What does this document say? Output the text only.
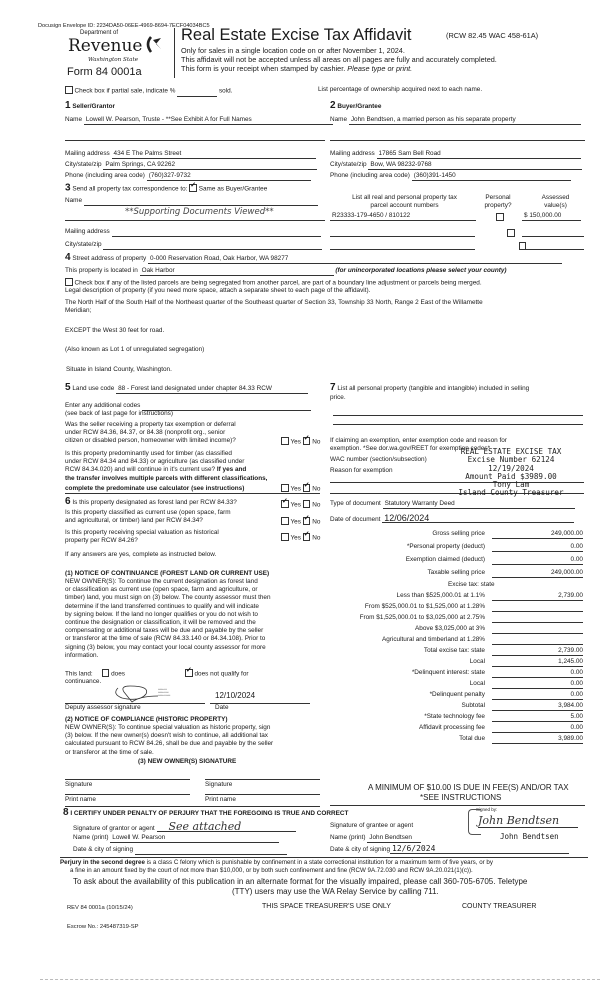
Docusign Envelope ID: 2234DA50-06EE-4969-8694-7ECF04034BC5
Department of
Revenue
Washington State
Form 84 0001a
Real Estate Excise Tax Affidavit	(RCW 82.45 WAC 458-61A)
Only for sales in a single location code on or after November 1, 2024.
This affidavit will not be accepted unless all areas on all pages are fully and accurately completed.
This form is your receipt when stamped by cashier. Please type or print.
Check box if partial sale, indicate %	sold.	List percentage of ownership acquired next to each name.
1 Seller/Grantor
Name Lowell W. Pearson, Truste - **See Exhibit A for Full Names
Mailing address 434 E The Palms Street
City/state/zip Palm Springs, CA 92262
Phone (including area code) (760)327-9732
2 Buyer/Grantee
Name John Bendtsen, a married person as his separate property
Mailing address 17865 Sam Bell Road
City/state/zip Bow, WA 98232-9768
Phone (including area code) (360)391-1450
3 Send all property tax correspondence to: ✓ Same as Buyer/Grantee
Name
**Supporting Documents Viewed**
Mailing address
City/state/zip
List all real and personal property tax
parcel account numbers
Personal
property?
Assessed
value(s)
R23333-179-4650 / 810122
	$ 150,000.00

4 Street address of property 0-000 Reservation Road, Oak Harbor, WA 98277
This property is located in Oak Harbor	(for unincorporated locations please select your county)
Check box if any of the listed parcels are being segregated from another parcel, are part of a boundary line adjustment or parcels being merged.
Legal description of property (if you need more space, attach a separate sheet to each page of the affidavit).
The North Half of the South Half of the Northeast quarter of the Southeast quarter of Section 33, Township 33 North, Range 2 East of the Willamette
Meridian;
EXCEPT the West 30 feet for road.
(Also known as Lot 1 of unregulated segregation)
Situate in Island County, Washington.
5 Land use code 88 - Forest land designated under chapter 84.33 RCW
Enter any additional codes
(see back of last page for instructions)
Was the seller receiving a property tax exemption or deferral
under RCW 84.36, 84.37, or 84.38 (nonprofit org., senior
citizen or disabled person, homeowner with limited income)?	Yes ✓ No
Is this property predominantly used for timber (as classified
under RCW 84.34 and 84.33) or agriculture (as classified under
RCW 84.34.020) and will continue in it's current use? If yes and
the transfer involves multiple parcels with different classifications,
complete the predominate use calculator (see instructions)	Yes ✓ No
7 List all personal property (tangible and intangible) included in selling
price.
If claiming an exemption, enter exemption code and reason for
exemption. *See dor.wa.gov/REET for exemption codes*
WAC number (section/subsection)
Reason for exemption
REAL ESTATE EXCISE TAX
Excise Number 62124
12/19/2024
Amount Paid $3989.00
Tony Lam
Island County Treasurer
6 Is this property designated as forest land per RCW 84.33? ✓	Yes No
Is this property classified as current use (open space, farm
and agricultural, or timber) land per RCW 84.34?	Yes ✓ No
Is this property receiving special valuation as historical
property per RCW 84.26?	Yes ✓ No
If any answers are yes, complete as instructed below.
Type of document Statutory Warranty Deed
Date of document 12/06/2024
Gross selling price	249,000.00
*Personal property (deduct)	0.00
Exemption claimed (deduct)	0.00
Taxable selling price	249,000.00
Excise tax: state
Less than $525,000.01 at 1.1%	2,739.00
From $525,000.01 to $1,525,000 at 1.28%
From $1,525,000.01 to $3,025,000 at 2.75%
Above $3,025,000 at 3%
Agricultural and timberland at 1.28%
Total excise tax: state	2,739.00
Local	1,245.00
*Delinquent interest: state	0.00
Local	0.00
*Delinquent penalty	0.00
Subtotal	3,984.00
*State technology fee	5.00
Affidavit processing fee	0.00
Total due	3,989.00
A MINIMUM OF $10.00 IS DUE IN FEE(S) AND/OR TAX
*SEE INSTRUCTIONS
(1) NOTICE OF CONTINUANCE (FOREST LAND OR CURRENT USE)
NEW OWNER(S): To continue the current designation as forest land
or classification as current use (open space, farm and agriculture, or
timber) land, you must sign on (3) below. The county assessor must then
determine if the land transferred continues to qualify and will indicate
by signing below. If the land no longer qualifies or you do not wish to
continue the designation or classification, it will be removed and the
compensating or additional taxes will be due and payable by the seller
or transferor at the time of sale (RCW 84.33.140 or 84.34.108). Prior to
signing (3) below, you may contact your local county assessor for more
information.
This land:	does ✓	does not qualify for
continuance.
▪▪▪▪▪▪▪▪▪▪
▪▪▪▪▪▪▪▪▪▪▪▪
▪▪▪▪▪▪▪▪▪▪▪▪▪▪	12/10/2024
Deputy assessor signature	Date
(2) NOTICE OF COMPLIANCE (HISTORIC PROPERTY)
NEW OWNER(S): To continue special valuation as historic property, sign
(3) below. If the new owner(s) doesn't wish to continue, all additional tax
calculated pursuant to RCW 84.26, shall be due and payable by the seller
or transferor at the time of sale.
(3) NEW OWNER(S) SIGNATURE
Signature	Signature
Print name	Print name
8 I CERTIFY UNDER PENALTY OF PERJURY THAT THE FOREGOING IS TRUE AND CORRECT
Signature of grantor or agent See attached
Name (print) Lowell W. Pearson
Date & city of signing
Signed by:
Signature of grantee or agent	John Bendtsen
Name (print) John Bendtsen	John Bendtsen
Date & city of signing 12/6/2024
Perjury in the second degree is a class C felony which is punishable by confinement in a state correctional institution for a maximum term of five years, or by
a fine in an amount fixed by the court of not more than $10,000, or by both such confinement and fine (RCW 9A.72.030 and RCW 9A.20.021(1)(c)).
To ask about the availability of this publication in an alternate format for the visually impaired, please call 360-705-6705. Teletype
(TTY) users may use the WA Relay Service by calling 711.
REV 84 0001a (10/15/24)	THIS SPACE TREASURER'S USE ONLY	COUNTY TREASURER
Escrow No.: 245487319-SP
